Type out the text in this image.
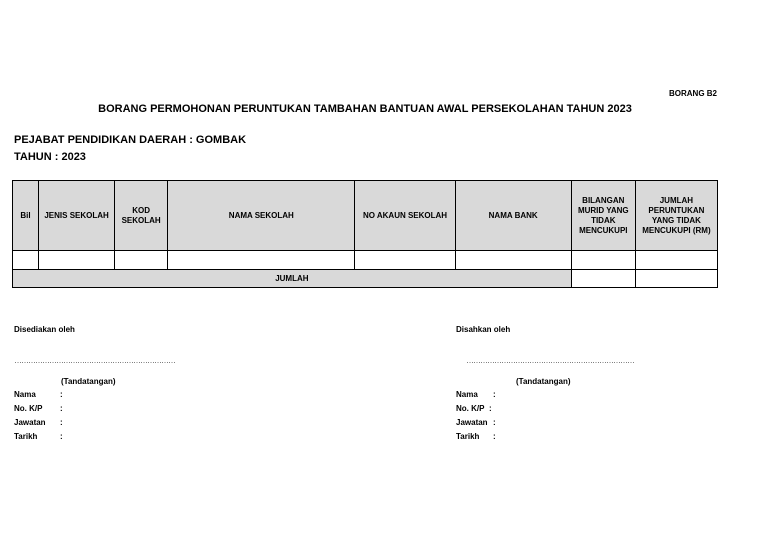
BORANG B2
BORANG PERMOHONAN PERUNTUKAN TAMBAHAN BANTUAN AWAL PERSEKOLAHAN TAHUN 2023
PEJABAT PENDIDIKAN DAERAH : GOMBAK
TAHUN : 2023
Bil	JENIS SEKOLAH	KOD SEKOLAH	NAMA SEKOLAH	NO AKAUN SEKOLAH	NAMA BANK	BILANGAN MURID YANG TIDAK MENCUKUPI	JUMLAH PERUNTUKAN YANG TIDAK MENCUKUPI (RM)

JUMLAH							
Disediakan oleh
……………………………………………………………
(Tandatangan)
Nama	:
No. K/P :
Jawatan :
Tarikh	:
Disahkan oleh
………………………………………………………………
(Tandatangan)
Nama :
No. K/P :
Jawatan :
Tarikh :
